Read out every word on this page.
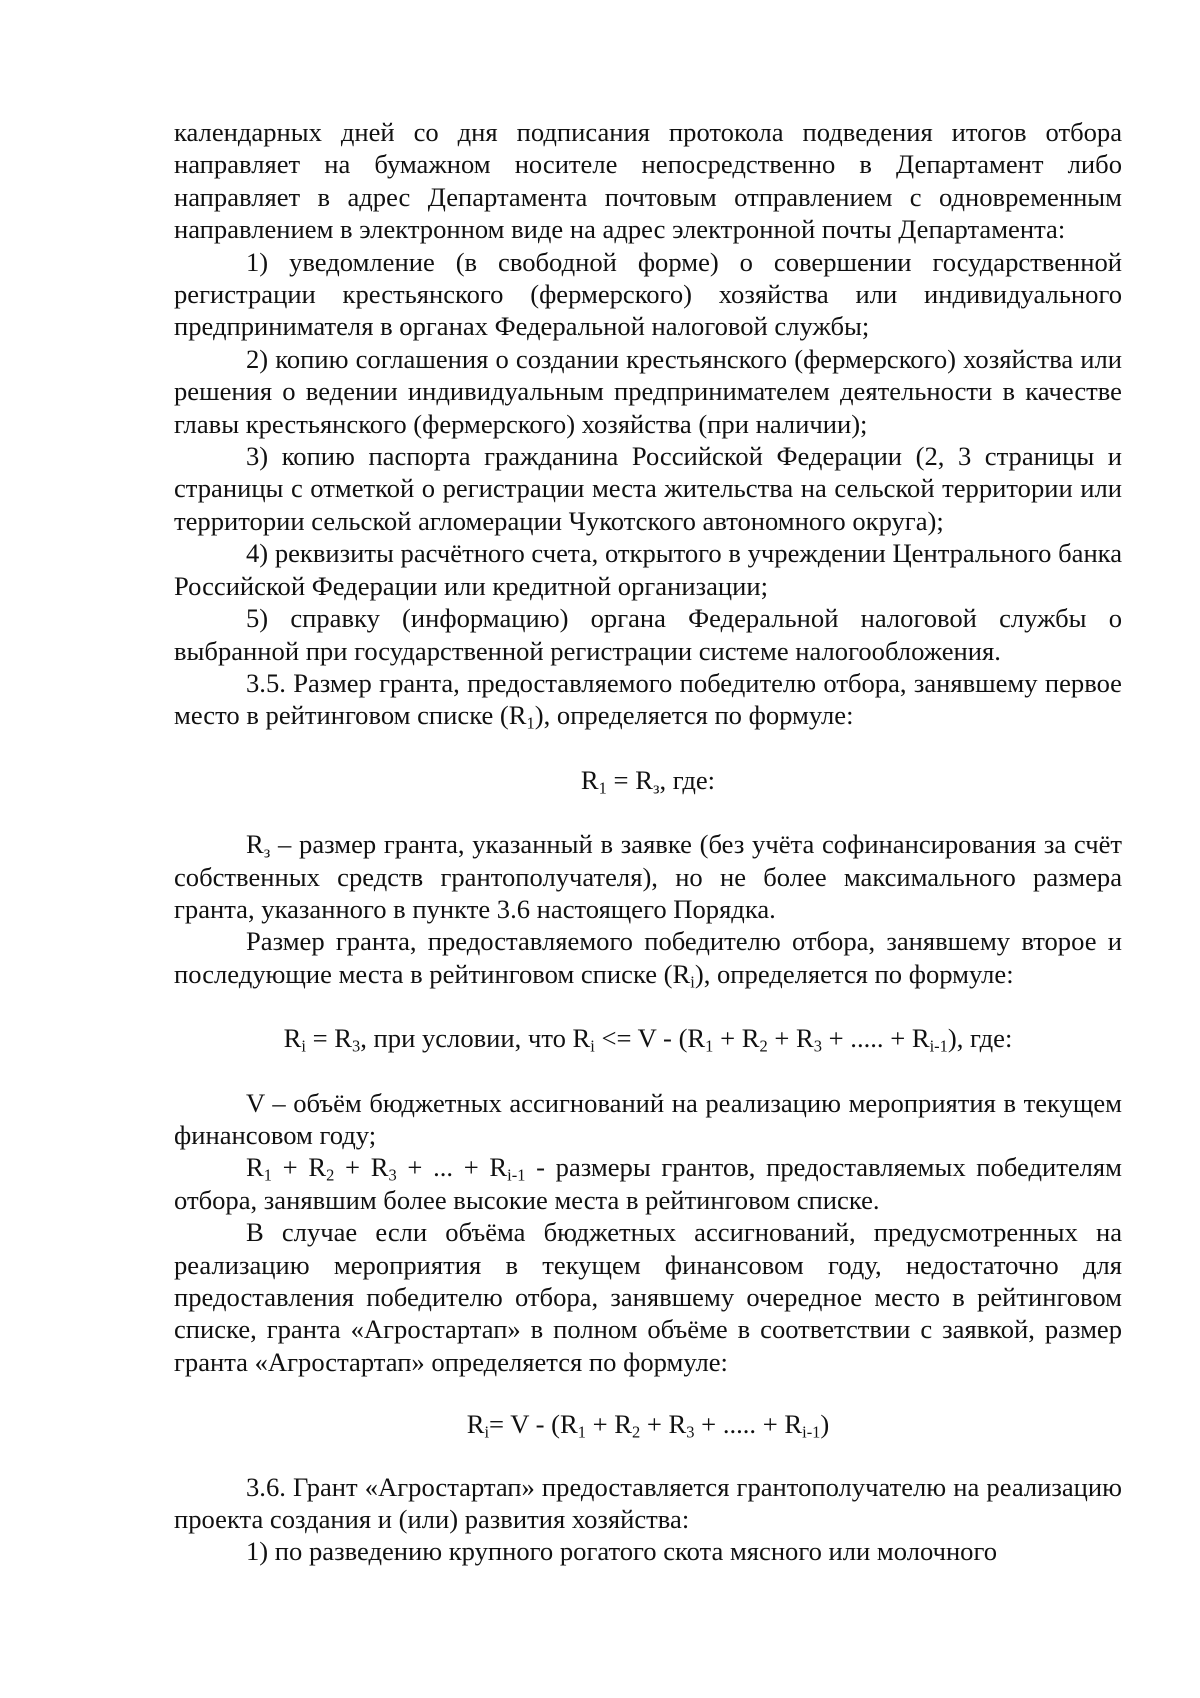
календарных дней со дня подписания протокола подведения итогов отбора направляет на бумажном носителе непосредственно в Департамент либо направляет в адрес Департамента почтовым отправлением с одновременным направлением в электронном виде на адрес электронной почты Департамента:

1) уведомление (в свободной форме) о совершении государственной регистрации крестьянского (фермерского) хозяйства или индивидуального предпринимателя в органах Федеральной налоговой службы;

2) копию соглашения о создании крестьянского (фермерского) хозяйства или решения о ведении индивидуальным предпринимателем деятельности в качестве главы крестьянского (фермерского) хозяйства (при наличии);

3) копию паспорта гражданина Российской Федерации (2, 3 страницы и страницы с отметкой о регистрации места жительства на сельской территории или территории сельской агломерации Чукотского автономного округа);

4) реквизиты расчётного счета, открытого в учреждении Центрального банка Российской Федерации или кредитной организации;

5) справку (информацию) органа Федеральной налоговой службы о выбранной при государственной регистрации системе налогообложения.

3.5. Размер гранта, предоставляемого победителю отбора, занявшему первое место в рейтинговом списке $(R_1)$, определяется по формуле:

$R_1 = R_з$, где:

$R_з$ – размер гранта, указанный в заявке (без учёта софинансирования за счёт собственных средств грантополучателя), но не более максимального размера гранта, указанного в пункте 3.6 настоящего Порядка.

Размер гранта, предоставляемого победителю отбора, занявшему второе и последующие места в рейтинговом списке $(R_i)$, определяется по формуле:

$R_i = R_3$, при условии, что $R_i <= V - (R_1 + R_2 + R_3$ + ..... + $R_{i-1}$), где:

V – объём бюджетных ассигнований на реализацию мероприятия в текущем финансовом году;

$R_1 + R_2 + R_3$ + ... + $R_{i-1}$ - размеры грантов, предоставляемых победителям отбора, занявшим более высокие места в рейтинговом списке.

В случае если объёма бюджетных ассигнований, предусмотренных на реализацию мероприятия в текущем финансовом году, недостаточно для предоставления победителю отбора, занявшему очередное место в рейтинговом списке, гранта «Агростартап» в полном объёме в соответствии с заявкой, размер гранта «Агростартап» определяется по формуле:

$R_i= V - (R_1 + R_2 + R_3$ + ..... + $R_{i-1}$)

3.6. Грант «Агростартап» предоставляется грантополучателю на реализацию проекта создания и (или) развития хозяйства:

1) по разведению крупного рогатого скота мясного или молочного
